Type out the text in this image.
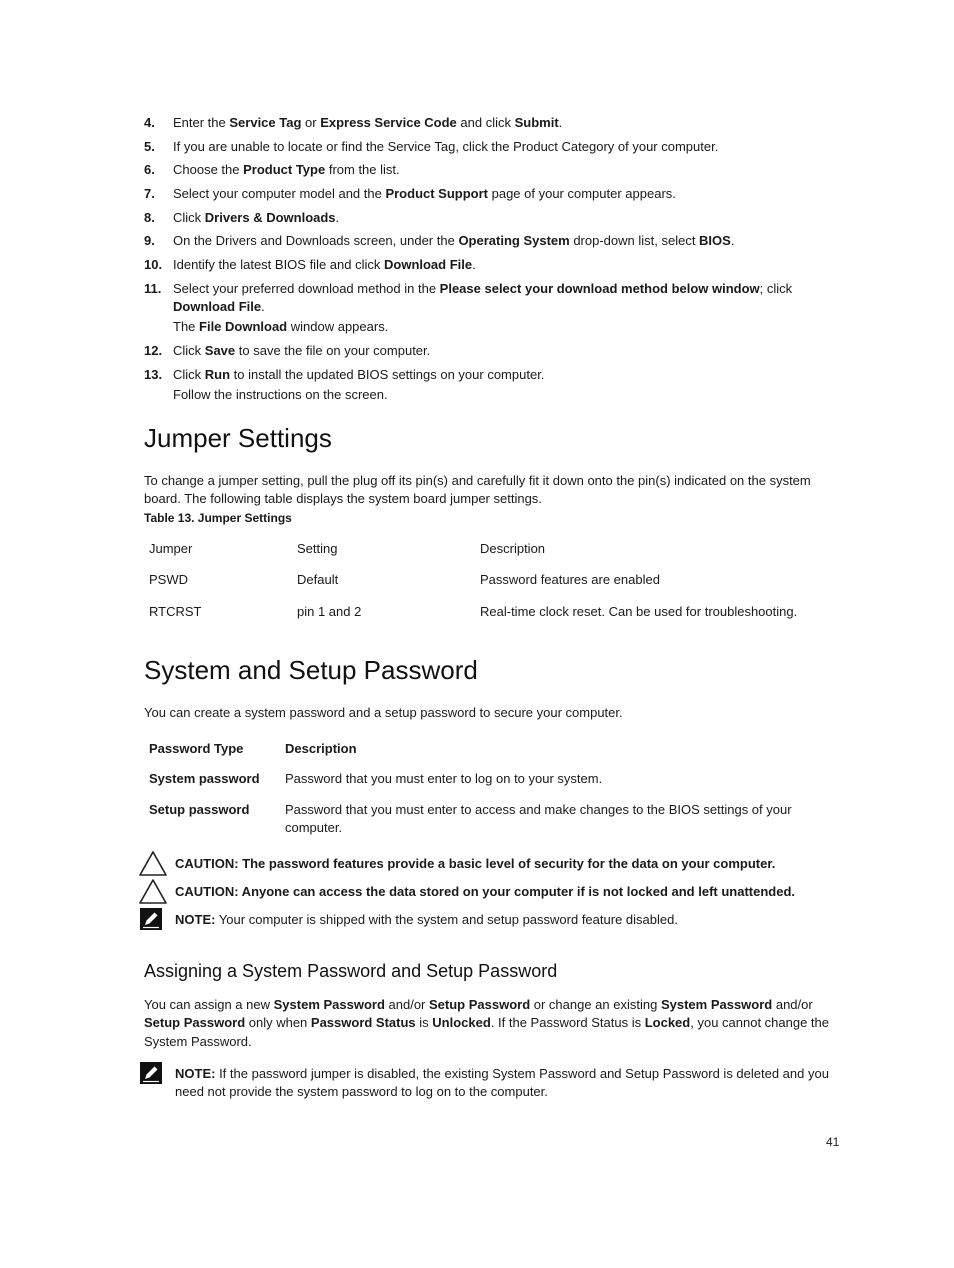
4. Enter the Service Tag or Express Service Code and click Submit.
5. If you are unable to locate or find the Service Tag, click the Product Category of your computer.
6. Choose the Product Type from the list.
7. Select your computer model and the Product Support page of your computer appears.
8. Click Drivers & Downloads.
9. On the Drivers and Downloads screen, under the Operating System drop-down list, select BIOS.
10. Identify the latest BIOS file and click Download File.
11. Select your preferred download method in the Please select your download method below window; click Download File.
The File Download window appears.
12. Click Save to save the file on your computer.
13. Click Run to install the updated BIOS settings on your computer.
Follow the instructions on the screen.
Jumper Settings

To change a jumper setting, pull the plug off its pin(s) and carefully fit it down onto the pin(s) indicated on the system board. The following table displays the system board jumper settings.

Table 13. Jumper Settings
Jumper	Setting	Description
PSWD	Default	Password features are enabled
RTCRST	pin 1 and 2	Real-time clock reset. Can be used for troubleshooting.
System and Setup Password

You can create a system password and a setup password to secure your computer.

Password Type	Description
System password	Password that you must enter to log on to your system.
Setup password	Password that you must enter to access and make changes to the BIOS settings of your computer.
CAUTION: The password features provide a basic level of security for the data on your computer.
CAUTION: Anyone can access the data stored on your computer if is not locked and left unattended.
NOTE: Your computer is shipped with the system and setup password feature disabled.
Assigning a System Password and Setup Password

You can assign a new System Password and/or Setup Password or change an existing System Password and/or Setup Password only when Password Status is Unlocked. If the Password Status is Locked, you cannot change the System Password.

NOTE: If the password jumper is disabled, the existing System Password and Setup Password is deleted and you need not provide the system password to log on to the computer.
41
